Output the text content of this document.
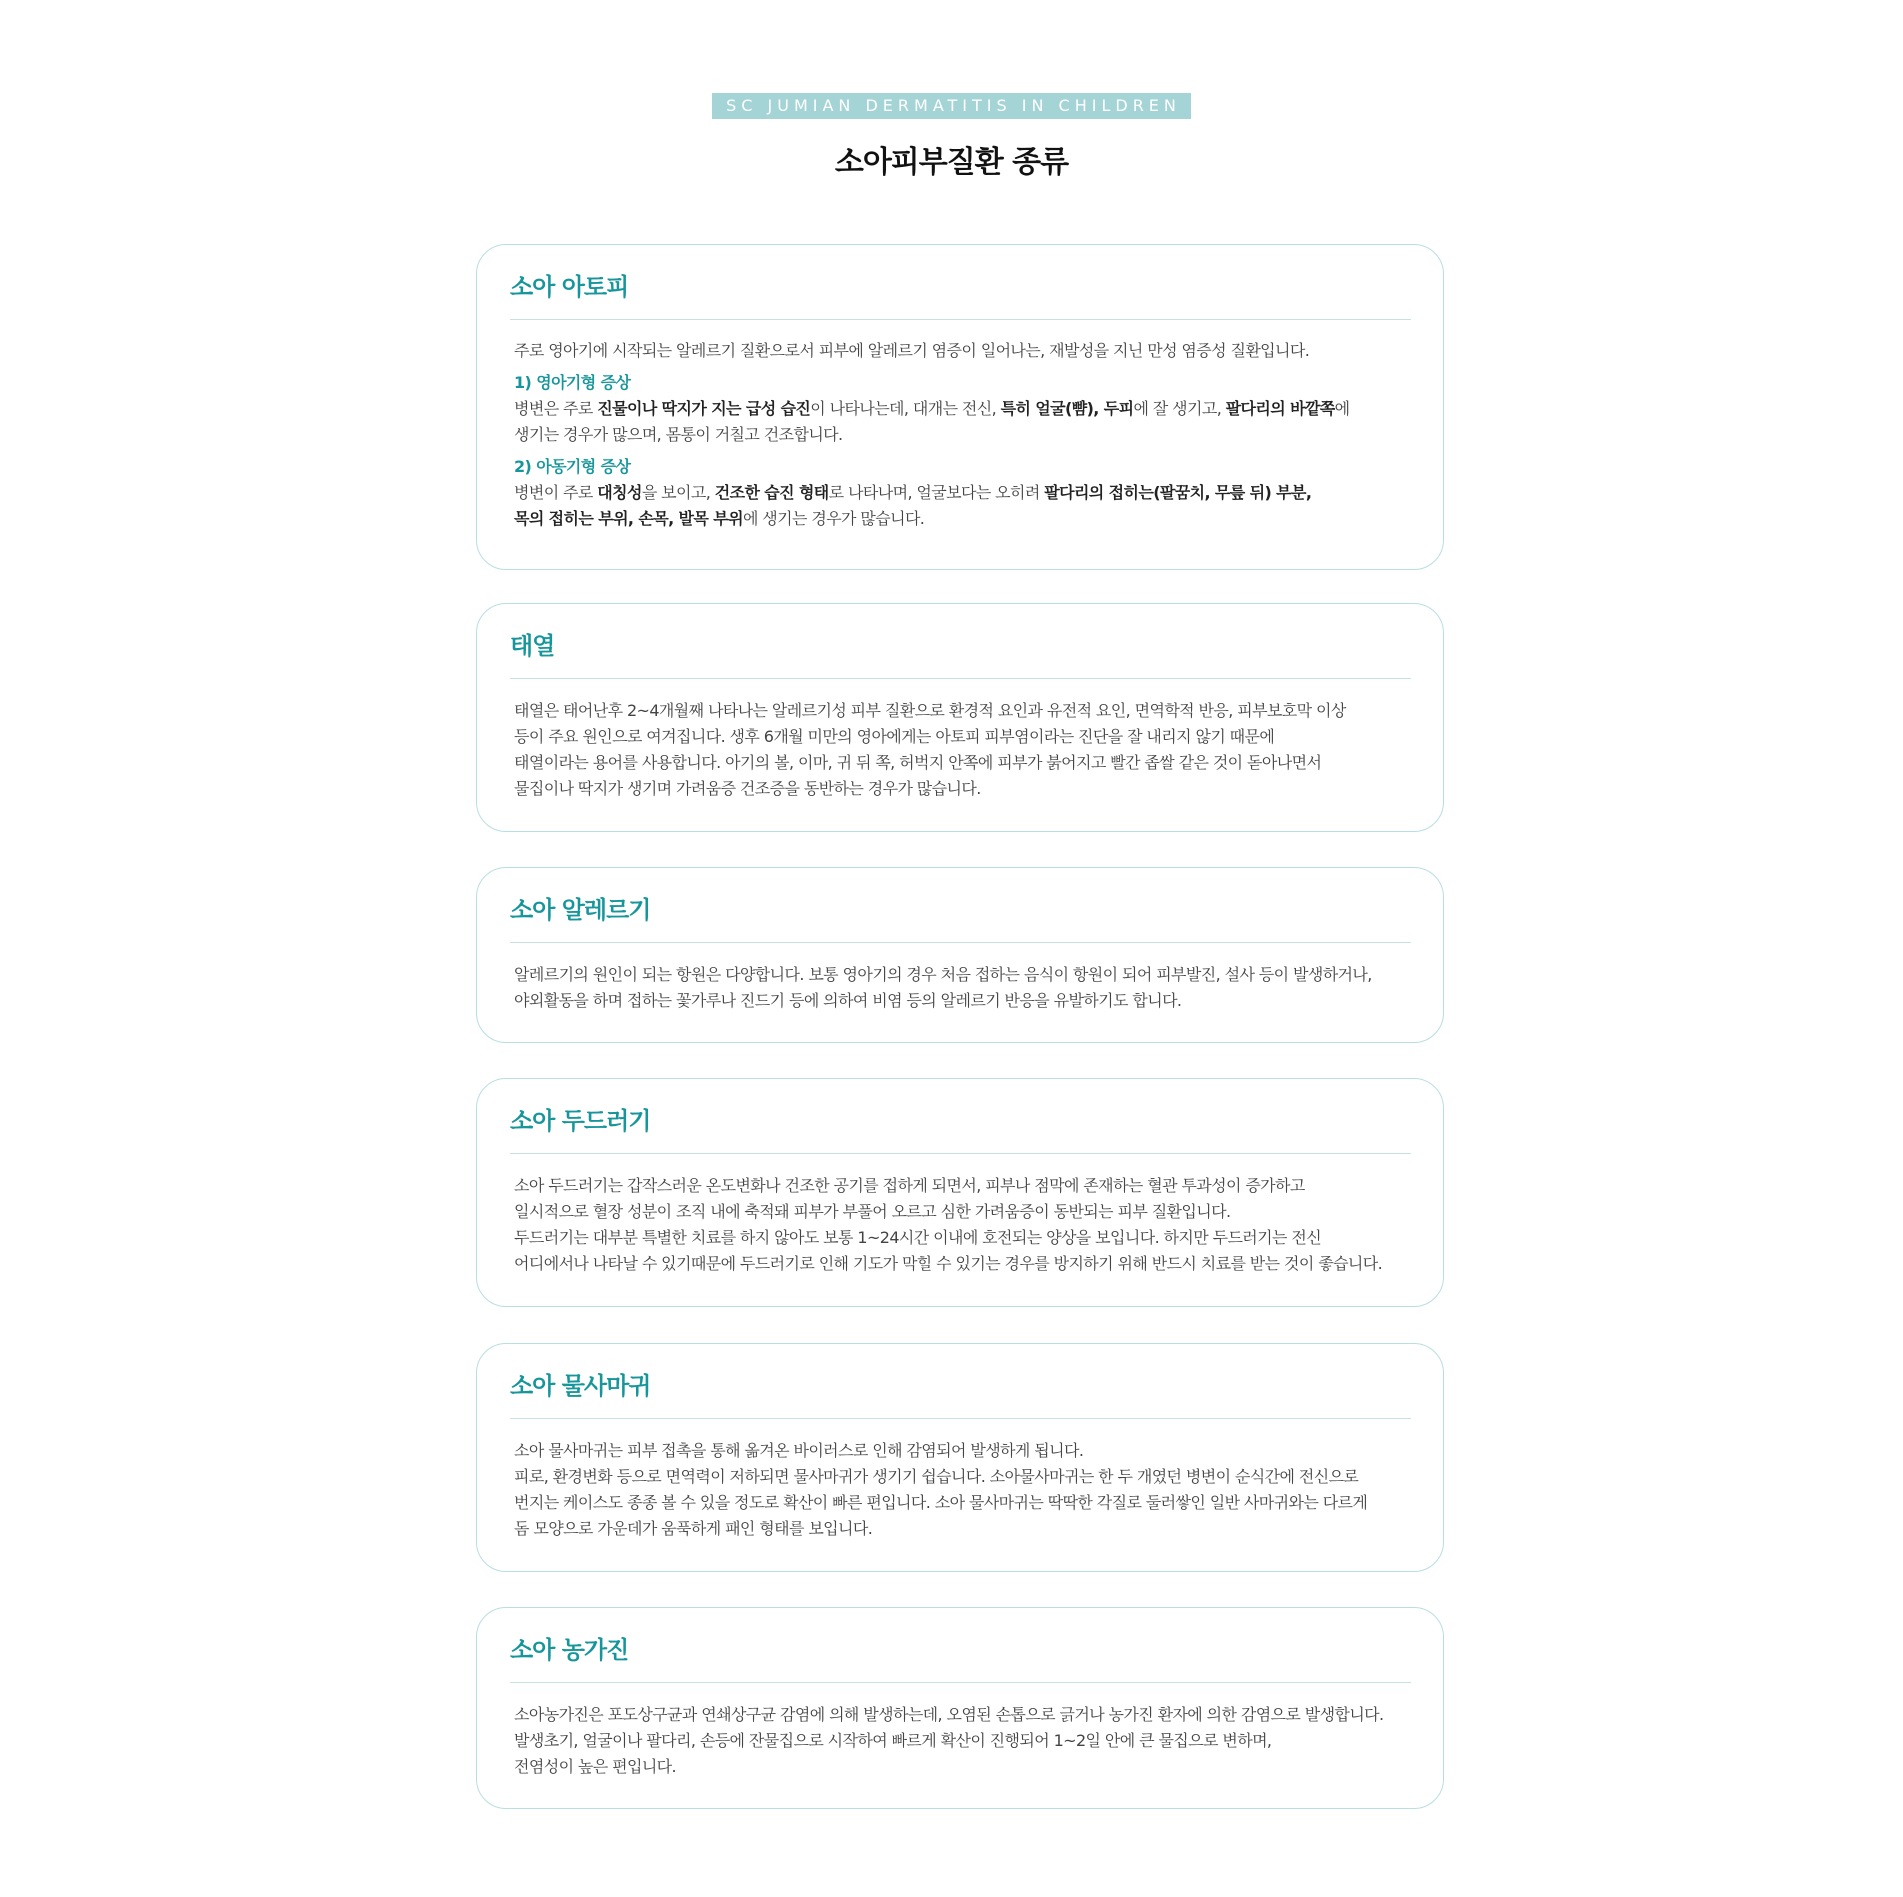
SC JUMIAN DERMATITIS IN CHILDREN
소아피부질환 종류
소아 아토피

주로 영아기에 시작되는 알레르기 질환으로서 피부에 알레르기 염증이 일어나는, 재발성을 지닌 만성 염증성 질환입니다.

1) 영아기형 증상

병변은 주로 진물이나 딱지가 지는 급성 습진이 나타나는데, 대개는 전신, 특히 얼굴(뺨), 두피에 잘 생기고, 팔다리의 바깥쪽에

생기는 경우가 많으며, 몸통이 거칠고 건조합니다.

2) 아동기형 증상

병변이 주로 대칭성을 보이고, 건조한 습진 형태로 나타나며, 얼굴보다는 오히려 팔다리의 접히는(팔꿈치, 무릎 뒤) 부분,

목의 접히는 부위, 손목, 발목 부위에 생기는 경우가 많습니다.

태열

태열은 태어난후 2~4개월째 나타나는 알레르기성 피부 질환으로 환경적 요인과 유전적 요인, 면역학적 반응, 피부보호막 이상

등이 주요 원인으로 여겨집니다. 생후 6개월 미만의 영아에게는 아토피 피부염이라는 진단을 잘 내리지 않기 때문에

태열이라는 용어를 사용합니다. 아기의 볼, 이마, 귀 뒤 쪽, 허벅지 안쪽에 피부가 붉어지고 빨간 좁쌀 같은 것이 돋아나면서

물집이나 딱지가 생기며 가려움증 건조증을 동반하는 경우가 많습니다.

소아 알레르기

알레르기의 원인이 되는 항원은 다양합니다. 보통 영아기의 경우 처음 접하는 음식이 항원이 되어 피부발진, 설사 등이 발생하거나,

야외활동을 하며 접하는 꽃가루나 진드기 등에 의하여 비염 등의 알레르기 반응을 유발하기도 합니다.

소아 두드러기

소아 두드러기는 갑작스러운 온도변화나 건조한 공기를 접하게 되면서, 피부나 점막에 존재하는 혈관 투과성이 증가하고

일시적으로 혈장 성분이 조직 내에 축적돼 피부가 부풀어 오르고 심한 가려움증이 동반되는 피부 질환입니다.

두드러기는 대부분 특별한 치료를 하지 않아도 보통 1~24시간 이내에 호전되는 양상을 보입니다. 하지만 두드러기는 전신

어디에서나 나타날 수 있기때문에 두드러기로 인해 기도가 막힐 수 있기는 경우를 방지하기 위해 반드시 치료를 받는 것이 좋습니다.

소아 물사마귀

소아 물사마귀는 피부 접촉을 통해 옮겨온 바이러스로 인해 감염되어 발생하게 됩니다.

피로, 환경변화 등으로 면역력이 저하되면 물사마귀가 생기기 쉽습니다. 소아물사마귀는 한 두 개였던 병변이 순식간에 전신으로

번지는 케이스도 종종 볼 수 있을 정도로 확산이 빠른 편입니다. 소아 물사마귀는 딱딱한 각질로 둘러쌓인 일반 사마귀와는 다르게

돔 모양으로 가운데가 움푹하게 패인 형태를 보입니다.

소아 농가진

소아농가진은 포도상구균과 연쇄상구균 감염에 의해 발생하는데, 오염된 손톱으로 긁거나 농가진 환자에 의한 감염으로 발생합니다.

발생초기, 얼굴이나 팔다리, 손등에 잔물집으로 시작하여 빠르게 확산이 진행되어 1~2일 안에 큰 물집으로 변하며,

전염성이 높은 편입니다.
